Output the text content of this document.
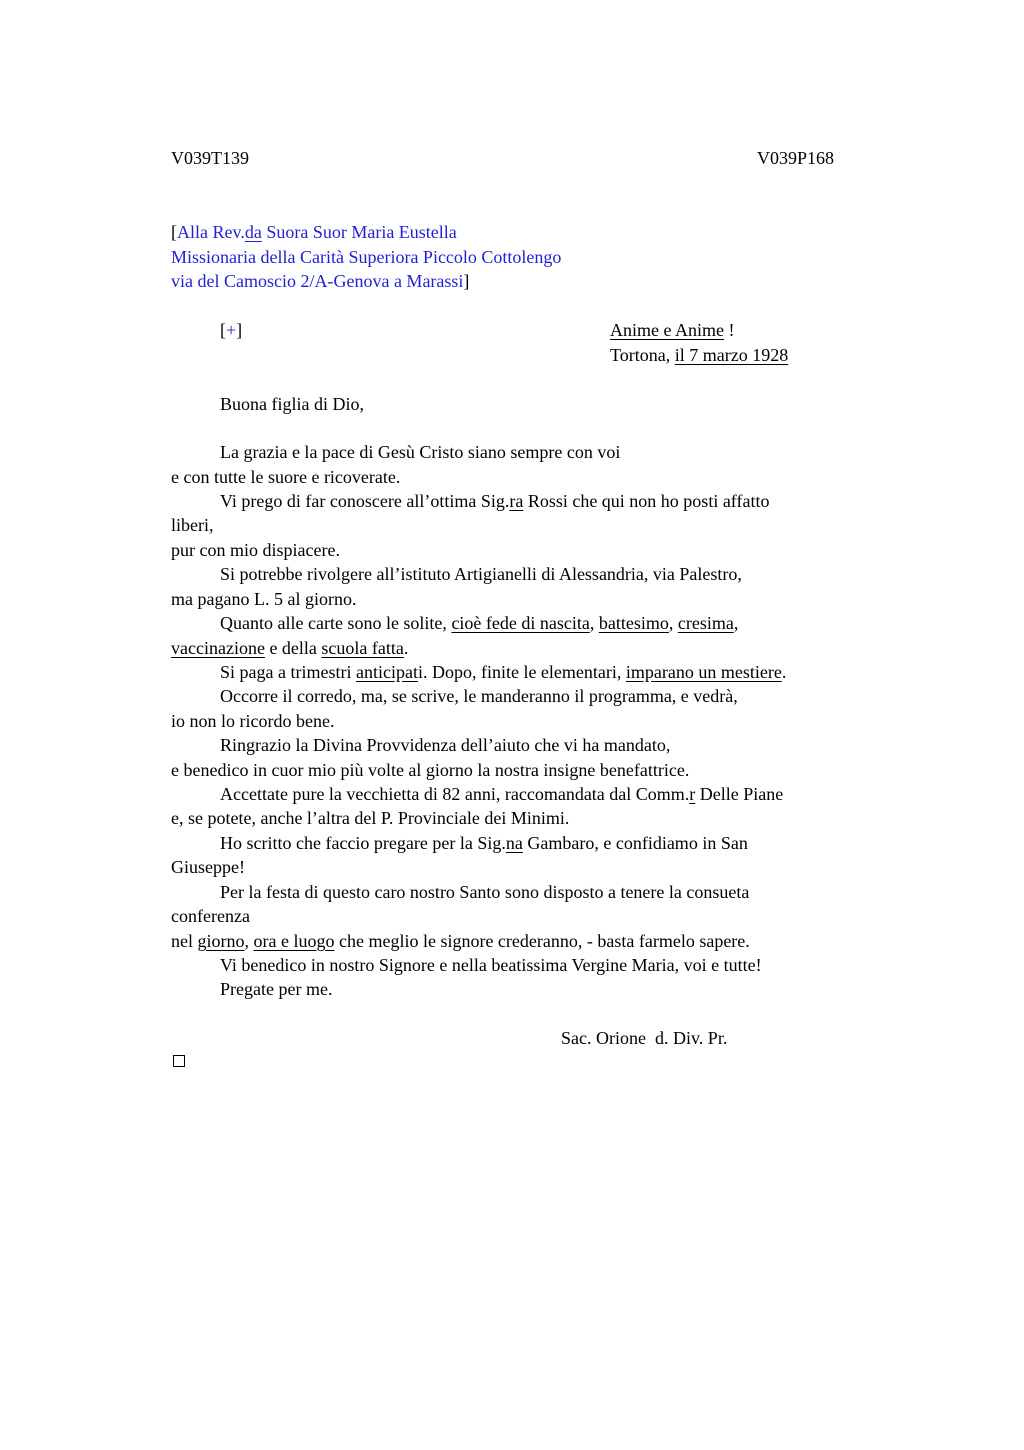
V039T139	V039P168
[Alla Rev.da Suora Suor Maria Eustella
Missionaria della Carità Superiora Piccolo Cottolengo
via del Camoscio 2/A-Genova a Marassi]
[+]	Anime e Anime !
Tortona, il 7 marzo 1928
Buona figlia di Dio,
La grazia e la pace di Gesù Cristo siano sempre con voi
e con tutte le suore e ricoverate.
Vi prego di far conoscere all’ottima Sig.ra Rossi che qui non ho posti affatto
liberi,
pur con mio dispiacere.
Si potrebbe rivolgere all’istituto Artigianelli di Alessandria, via Palestro,
ma pagano L. 5 al giorno.
Quanto alle carte sono le solite, cioè fede di nascita, battesimo, cresima,
vaccinazione e della scuola fatta.
Si paga a trimestri anticipati. Dopo, finite le elementari, imparano un mestiere.
Occorre il corredo, ma, se scrive, le manderanno il programma, e vedrà,
io non lo ricordo bene.
Ringrazio la Divina Provvidenza dell’aiuto che vi ha mandato,
e benedico in cuor mio più volte al giorno la nostra insigne benefattrice.
Accettate pure la vecchietta di 82 anni, raccomandata dal Comm.r Delle Piane
e, se potete, anche l’altra del P. Provinciale dei Minimi.
Ho scritto che faccio pregare per la Sig.na Gambaro, e confidiamo in San
Giuseppe!
Per la festa di questo caro nostro Santo sono disposto a tenere la consueta
conferenza
nel giorno, ora e luogo che meglio le signore crederanno, - basta farmelo sapere.
Vi benedico in nostro Signore e nella beatissima Vergine Maria, voi e tutte!
Pregate per me.
Sac. Orione  d. Div. Pr.
